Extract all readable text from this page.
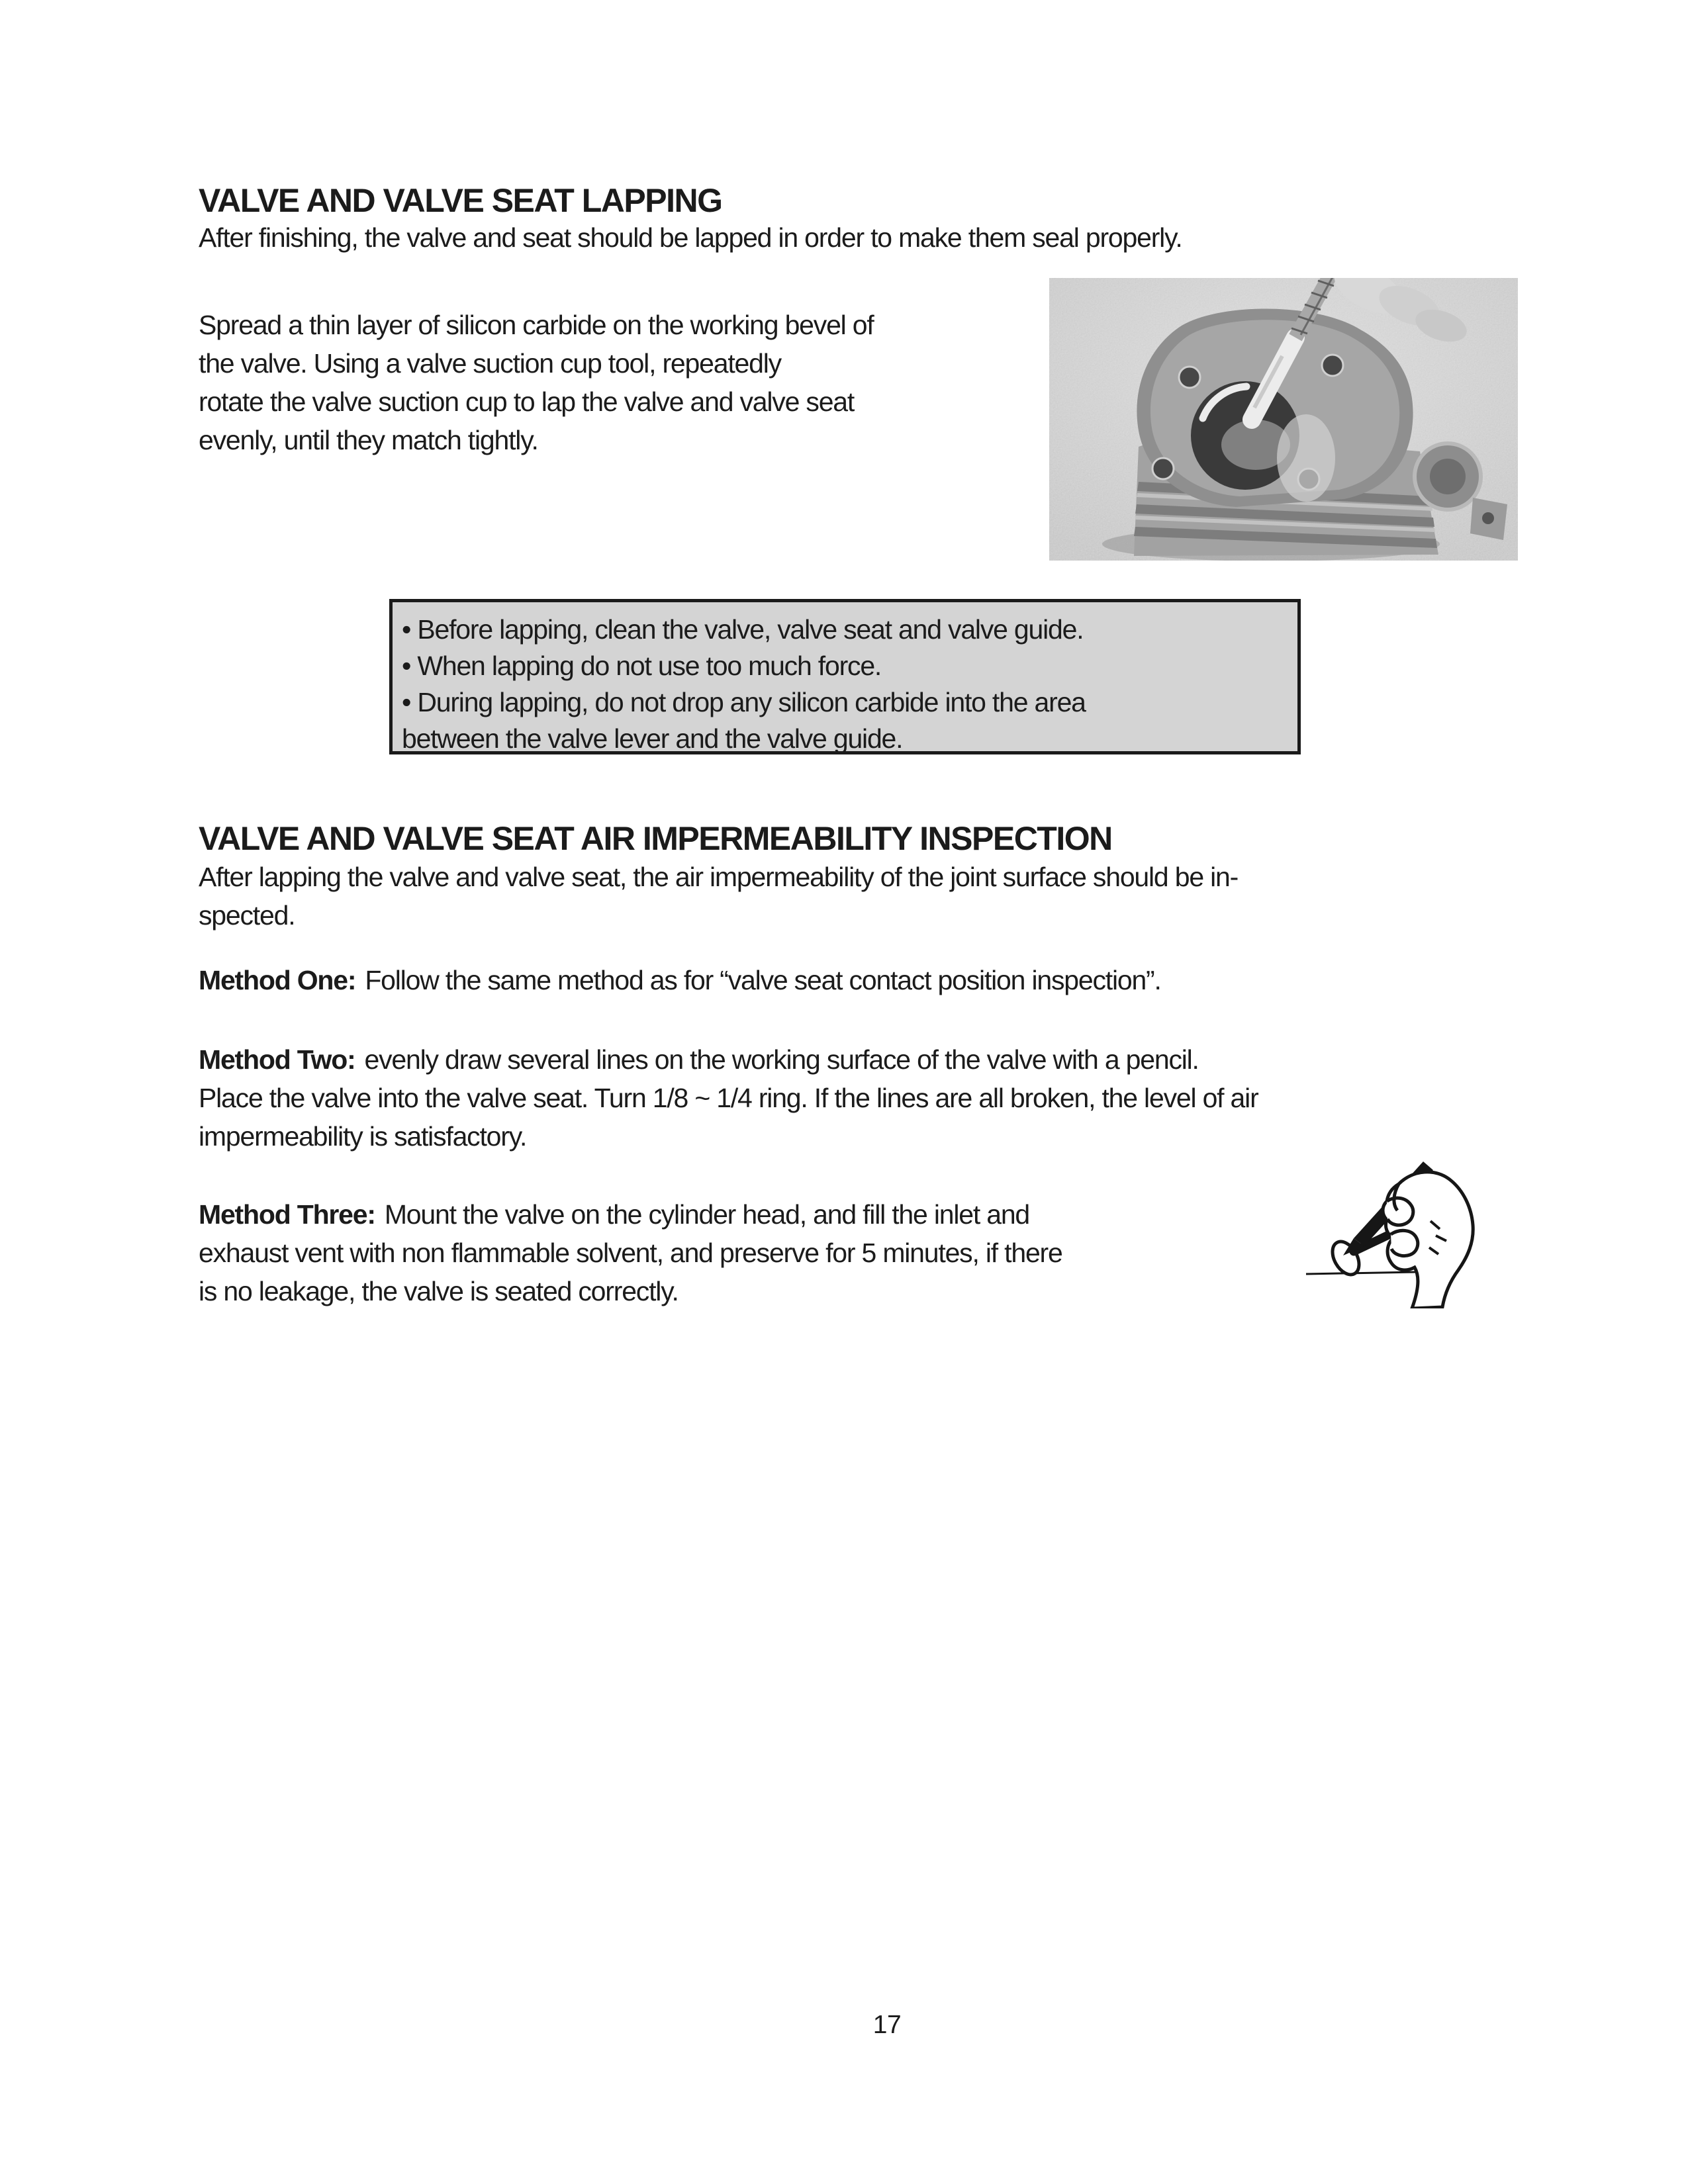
VALVE AND VALVE SEAT LAPPING
After finishing, the valve and seat should be lapped in order to make them seal properly.
Spread a thin layer of silicon carbide on the working bevel of
the valve. Using a valve suction cup tool, repeatedly
rotate the valve suction cup to lap the valve and valve seat
evenly, until they match tightly.
• Before lapping, clean the valve, valve seat and valve guide.
• When lapping do not use too much force.
• During lapping, do not drop any silicon carbide into the area
between the valve lever and the valve guide.
VALVE AND VALVE SEAT AIR IMPERMEABILITY INSPECTION
After lapping the valve and valve seat, the air impermeability of the joint surface should be in-
spected.
Method One: Follow the same method as for “valve seat contact position inspection”.
Method Two: evenly draw several lines on the working surface of the valve with a pencil.
Place the valve into the valve seat. Turn 1/8 ~ 1/4 ring. If the lines are all broken, the level of air
impermeability is satisfactory.
Method Three: Mount the valve on the cylinder head, and fill the inlet and
exhaust vent with non flammable solvent, and preserve for 5 minutes, if there
is no leakage, the valve is seated correctly.
17
